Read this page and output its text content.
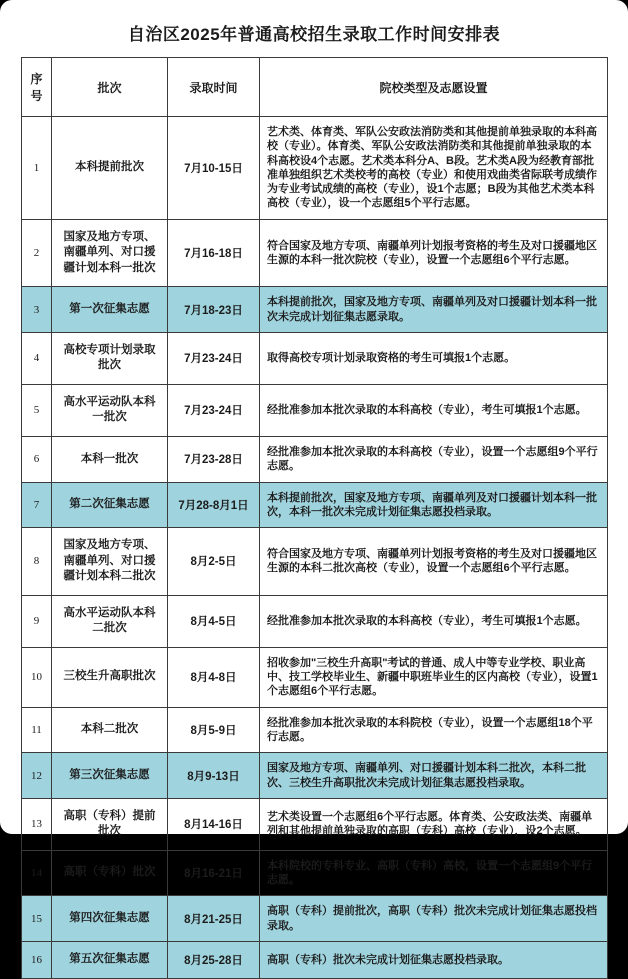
自治区2025年普通高校招生录取工作时间安排表
序号	批次	录取时间	院校类型及志愿设置
1	本科提前批次	7月10-15日	艺术类、体育类、军队公安政法消防类和其他提前单独录取的本科高校（专业）。体育类、军队公安政法消防类和其他提前单独录取的本科高校设4个志愿。艺术类本科分A、B段。艺术类A段为经教育部批准单独组织艺术类校考的高校（专业）和使用戏曲类省际联考成绩作为专业考试成绩的高校（专业），设1个志愿；B段为其他艺术类本科高校（专业），设一个志愿组5个平行志愿。
2	国家及地方专项、南疆单列、对口援疆计划本科一批次	7月16-18日	符合国家及地方专项、南疆单列计划报考资格的考生及对口援疆地区生源的本科一批次院校（专业），设置一个志愿组6个平行志愿。
3	第一次征集志愿	7月18-23日	本科提前批次，国家及地方专项、南疆单列及对口援疆计划本科一批次未完成计划征集志愿录取。
4	高校专项计划录取批次	7月23-24日	取得高校专项计划录取资格的考生可填报1个志愿。
5	高水平运动队本科一批次	7月23-24日	经批准参加本批次录取的本科高校（专业），考生可填报1个志愿。
6	本科一批次	7月23-28日	经批准参加本批次录取的本科高校（专业），设置一个志愿组9个平行志愿。
7	第二次征集志愿	7月28-8月1日	本科提前批次，国家及地方专项、南疆单列及对口援疆计划本科一批次，本科一批次未完成计划征集志愿投档录取。
8	国家及地方专项、南疆单列、对口援疆计划本科二批次	8月2-5日	符合国家及地方专项、南疆单列计划报考资格的考生及对口援疆地区生源的本科二批次高校（专业），设置一个志愿组6个平行志愿。
9	高水平运动队本科二批次	8月4-5日	经批准参加本批次录取的本科高校（专业），考生可填报1个志愿。
10	三校生升高职批次	8月4-8日	招收参加"三校生升高职"考试的普通、成人中等专业学校、职业高中、技工学校毕业生、新疆中职班毕业生的区内高校（专业），设置1个志愿组6个平行志愿。
11	本科二批次	8月5-9日	经批准参加本批次录取的本科院校（专业），设置一个志愿组18个平行志愿。
12	第三次征集志愿	8月9-13日	国家及地方专项、南疆单列、对口援疆计划本科二批次，本科二批次、三校生升高职批次未完成计划征集志愿投档录取。
13	高职（专科）提前批次	8月14-16日	艺术类设置一个志愿组6个平行志愿。体育类、公安政法类、南疆单列和其他提前单独录取的高职（专科）高校（专业），设2个志愿。
14	高职（专科）批次	8月16-21日	本科院校的专科专业、高职（专科）高校，设置一个志愿组9个平行志愿。
15	第四次征集志愿	8月21-25日	高职（专科）提前批次，高职（专科）批次未完成计划征集志愿投档录取。
16	第五次征集志愿	8月25-28日	高职（专科）批次未完成计划征集志愿投档录取。
